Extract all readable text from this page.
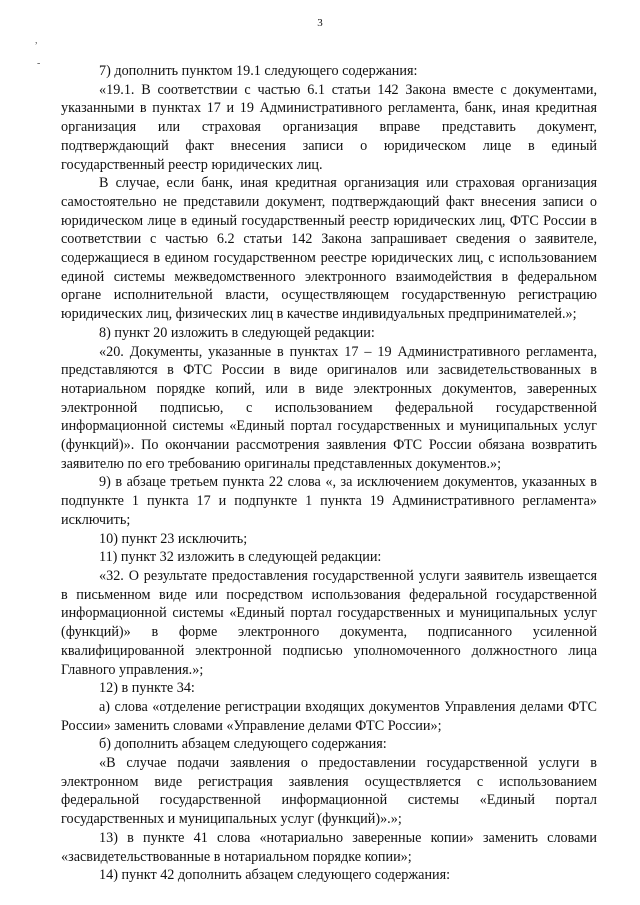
3
,
-	7) дополнить пунктом 19.1 следующего содержания:

«19.1. В соответствии с частью 6.1 статьи 142 Закона вместе с документами, указанными в пунктах 17 и 19 Административного регламента, банк, иная кредитная организация или страховая организация вправе представить документ, подтверждающий факт внесения записи о юридическом лице в единый государственный реестр юридических лиц.

В случае, если банк, иная кредитная организация или страховая организация самостоятельно не представили документ, подтверждающий факт внесения записи о юридическом лице в единый государственный реестр юридических лиц, ФТС России в соответствии с частью 6.2 статьи 142 Закона запрашивает сведения о заявителе, содержащиеся в едином государственном реестре юридических лиц, с использованием единой системы межведомственного электронного взаимодействия в федеральном органе исполнительной власти, осуществляющем государственную регистрацию юридических лиц, физических лиц в качестве индивидуальных предпринимателей.»;

8) пункт 20 изложить в следующей редакции:

«20. Документы, указанные в пунктах 17 – 19 Административного регламента, представляются в ФТС России в виде оригиналов или засвидетельствованных в нотариальном порядке копий, или в виде электронных документов, заверенных электронной подписью, с использованием федеральной государственной информационной системы «Единый портал государственных и муниципальных услуг (функций)». По окончании рассмотрения заявления ФТС России обязана возвратить заявителю по его требованию оригиналы представленных документов.»;

9) в абзаце третьем пункта 22 слова «, за исключением документов, указанных в подпункте 1 пункта 17 и подпункте 1 пункта 19 Административного регламента» исключить;

10) пункт 23 исключить;

11) пункт 32 изложить в следующей редакции:

«32. О результате предоставления государственной услуги заявитель извещается в письменном виде или посредством использования федеральной государственной информационной системы «Единый портал государственных и муниципальных услуг (функций)» в форме электронного документа, подписанного усиленной квалифицированной электронной подписью уполномоченного должностного лица Главного управления.»;

12) в пункте 34:

а) слова «отделение регистрации входящих документов Управления делами ФТС России» заменить словами «Управление делами ФТС России»;

б) дополнить абзацем следующего содержания:

«В случае подачи заявления о предоставлении государственной услуги в электронном виде регистрация заявления осуществляется с использованием федеральной государственной информационной системы «Единый портал государственных и муниципальных услуг (функций)».»;

13) в пункте 41 слова «нотариально заверенные копии» заменить словами «засвидетельствованные в нотариальном порядке копии»;

14) пункт 42 дополнить абзацем следующего содержания:
